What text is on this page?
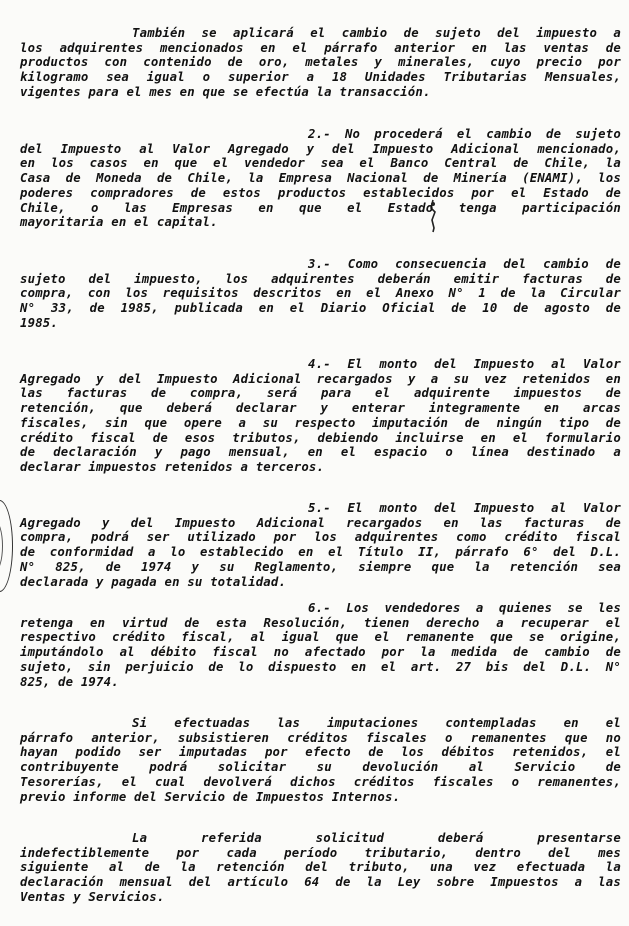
También se aplicará el cambio de sujeto del impuesto a
los adquirentes mencionados en el párrafo anterior en las ventas de
productos con contenido de oro, metales y minerales, cuyo precio por
kilogramo sea igual o superior a 18 Unidades Tributarias Mensuales,
vigentes para el mes en que se efectúa la transacción.
2.- No procederá el cambio de sujeto
del Impuesto al Valor Agregado y del Impuesto Adicional mencionado,
en los casos en que el vendedor sea el Banco Central de Chile, la
Casa de Moneda de Chile, la Empresa Nacional de Minería (ENAMI), los
poderes compradores de estos productos establecidos por el Estado de
Chile, o las Empresas en que el Estado tenga participación
mayoritaria en el capital.
3.- Como consecuencia del cambio de
sujeto del impuesto, los adquirentes deberán emitir facturas de
compra, con los requisitos descritos en el Anexo N° 1 de la Circular
N° 33, de 1985, publicada en el Diario Oficial de 10 de agosto de
1985.
4.- El monto del Impuesto al Valor
Agregado y del Impuesto Adicional recargados y a su vez retenidos en
las facturas de compra, será para el adquirente impuestos de
retención, que deberá declarar y enterar integramente en arcas
fiscales, sin que opere a su respecto imputación de ningún tipo de
crédito fiscal de esos tributos, debiendo incluirse en el formulario
de declaración y pago mensual, en el espacio o línea destinado a
declarar impuestos retenidos a terceros.
5.- El monto del Impuesto al Valor
Agregado y del Impuesto Adicional recargados en las facturas de
compra, podrá ser utilizado por los adquirentes como crédito fiscal
de conformidad a lo establecido en el Título II, párrafo 6° del D.L.
N° 825, de 1974 y su Reglamento, siempre que la retención sea
declarada y pagada en su totalidad.
6.- Los vendedores a quienes se les
retenga en virtud de esta Resolución, tienen derecho a recuperar el
respectivo crédito fiscal, al igual que el remanente que se origine,
imputándolo al débito fiscal no afectado por la medida de cambio de
sujeto, sin perjuicio de lo dispuesto en el art. 27 bis del D.L. N°
825, de 1974.
Si efectuadas las imputaciones contempladas en el
párrafo anterior, subsistieren créditos fiscales o remanentes que no
hayan podido ser imputadas por efecto de los débitos retenidos, el
contribuyente podrá solicitar su devolución al Servicio de
Tesorerías, el cual devolverá dichos créditos fiscales o remanentes,
previo informe del Servicio de Impuestos Internos.
La referida solicitud deberá presentarse
indefectiblemente por cada período tributario, dentro del mes
siguiente al de la retención del tributo, una vez efectuada la
declaración mensual del artículo 64 de la Ley sobre Impuestos a las
Ventas y Servicios.
